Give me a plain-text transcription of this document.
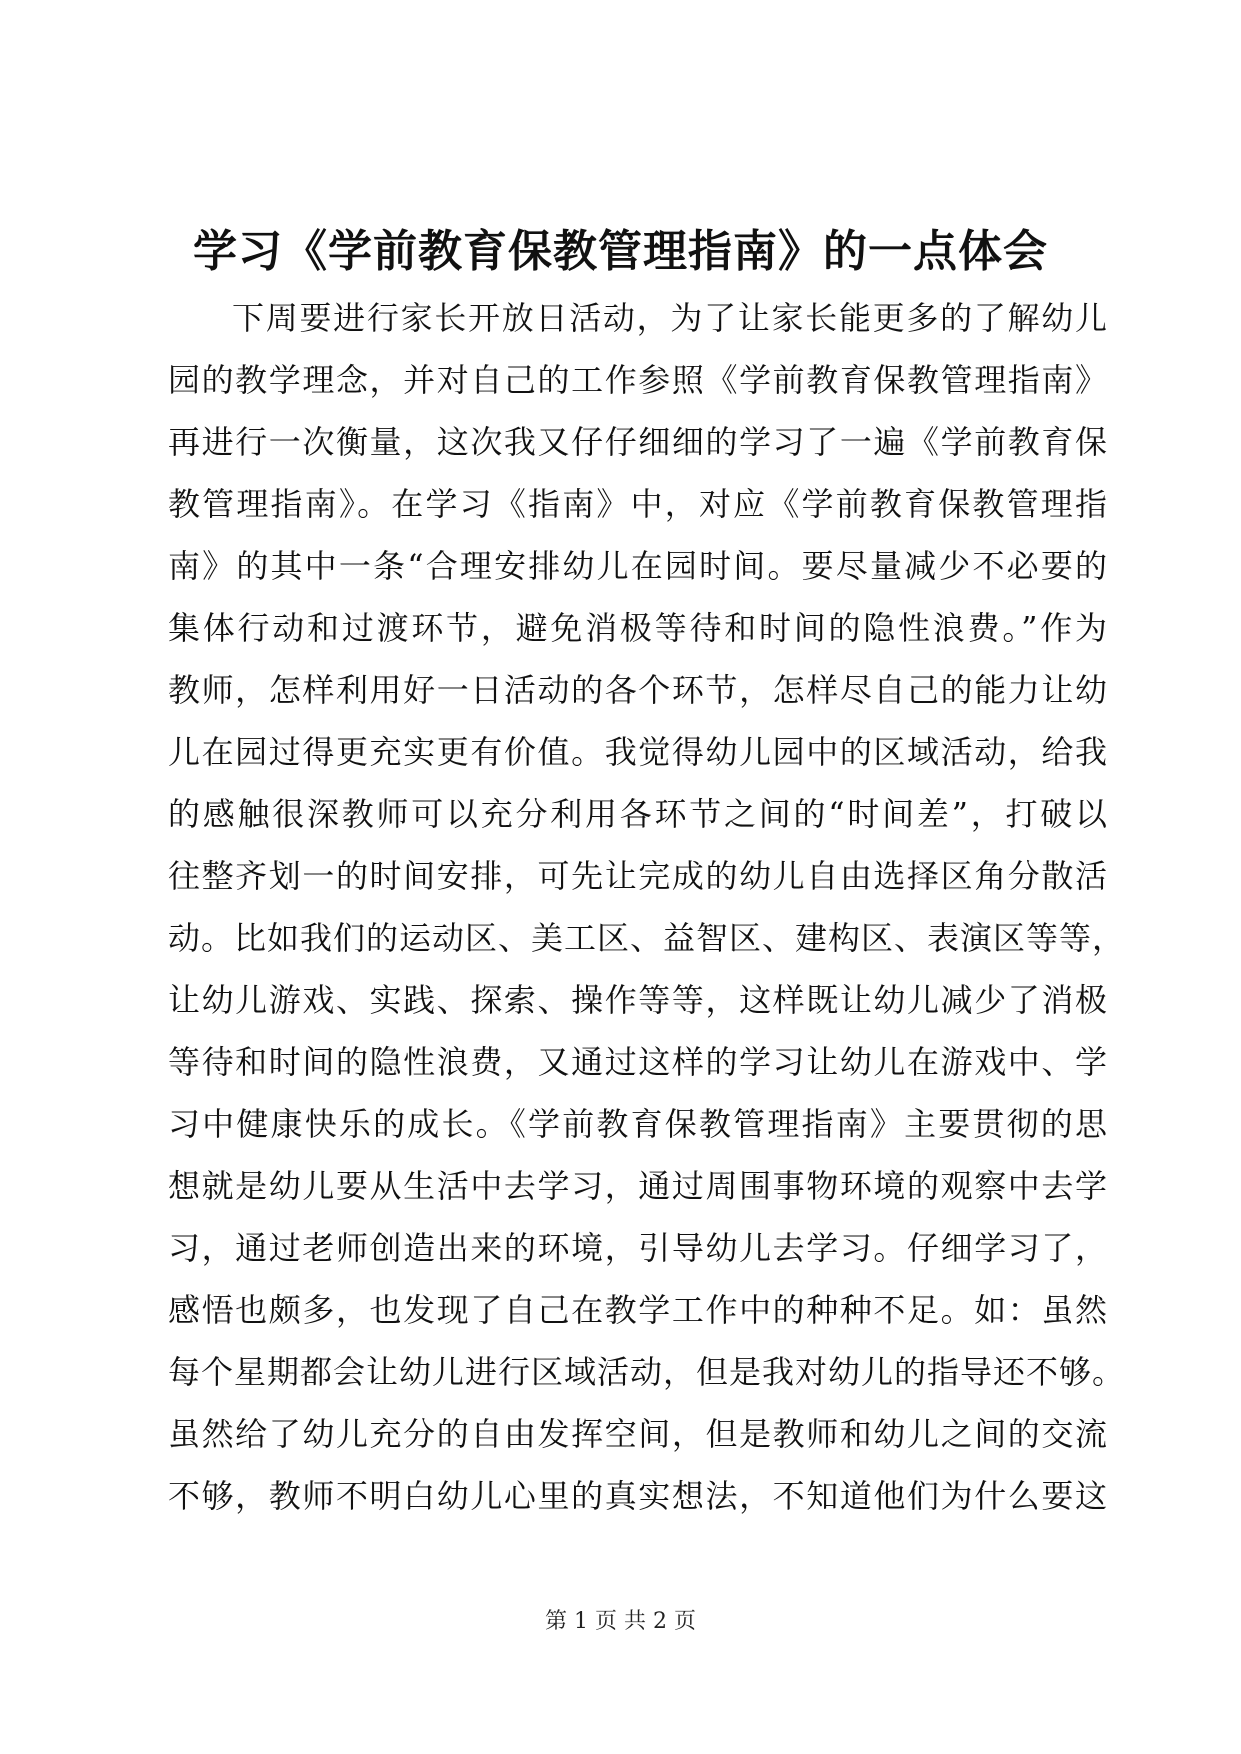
学习《学前教育保教管理指南》的一点体会
下周要进行家长开放日活动，为了让家长能更多的了解幼儿
园的教学理念，并对自己的工作参照《学前教育保教管理指南》
再进行一次衡量，这次我又仔仔细细的学习了一遍《学前教育保
教管理指南》。在学习《指南》中，对应《学前教育保教管理指
南》的其中一条“合理安排幼儿在园时间。要尽量减少不必要的
集体行动和过渡环节，避免消极等待和时间的隐性浪费。”作为
教师，怎样利用好一日活动的各个环节，怎样尽自己的能力让幼
儿在园过得更充实更有价值。我觉得幼儿园中的区域活动，给我
的感触很深教师可以充分利用各环节之间的“时间差”，打破以
往整齐划一的时间安排，可先让完成的幼儿自由选择区角分散活
动。比如我们的运动区、美工区、益智区、建构区、表演区等等，
让幼儿游戏、实践、探索、操作等等，这样既让幼儿减少了消极
等待和时间的隐性浪费，又通过这样的学习让幼儿在游戏中、学
习中健康快乐的成长。《学前教育保教管理指南》主要贯彻的思
想就是幼儿要从生活中去学习，通过周围事物环境的观察中去学
习，通过老师创造出来的环境，引导幼儿去学习。仔细学习了，
感悟也颇多，也发现了自己在教学工作中的种种不足。如：虽然
每个星期都会让幼儿进行区域活动，但是我对幼儿的指导还不够。
虽然给了幼儿充分的自由发挥空间，但是教师和幼儿之间的交流
不够，教师不明白幼儿心里的真实想法，不知道他们为什么要这
第 1 页 共 2 页
